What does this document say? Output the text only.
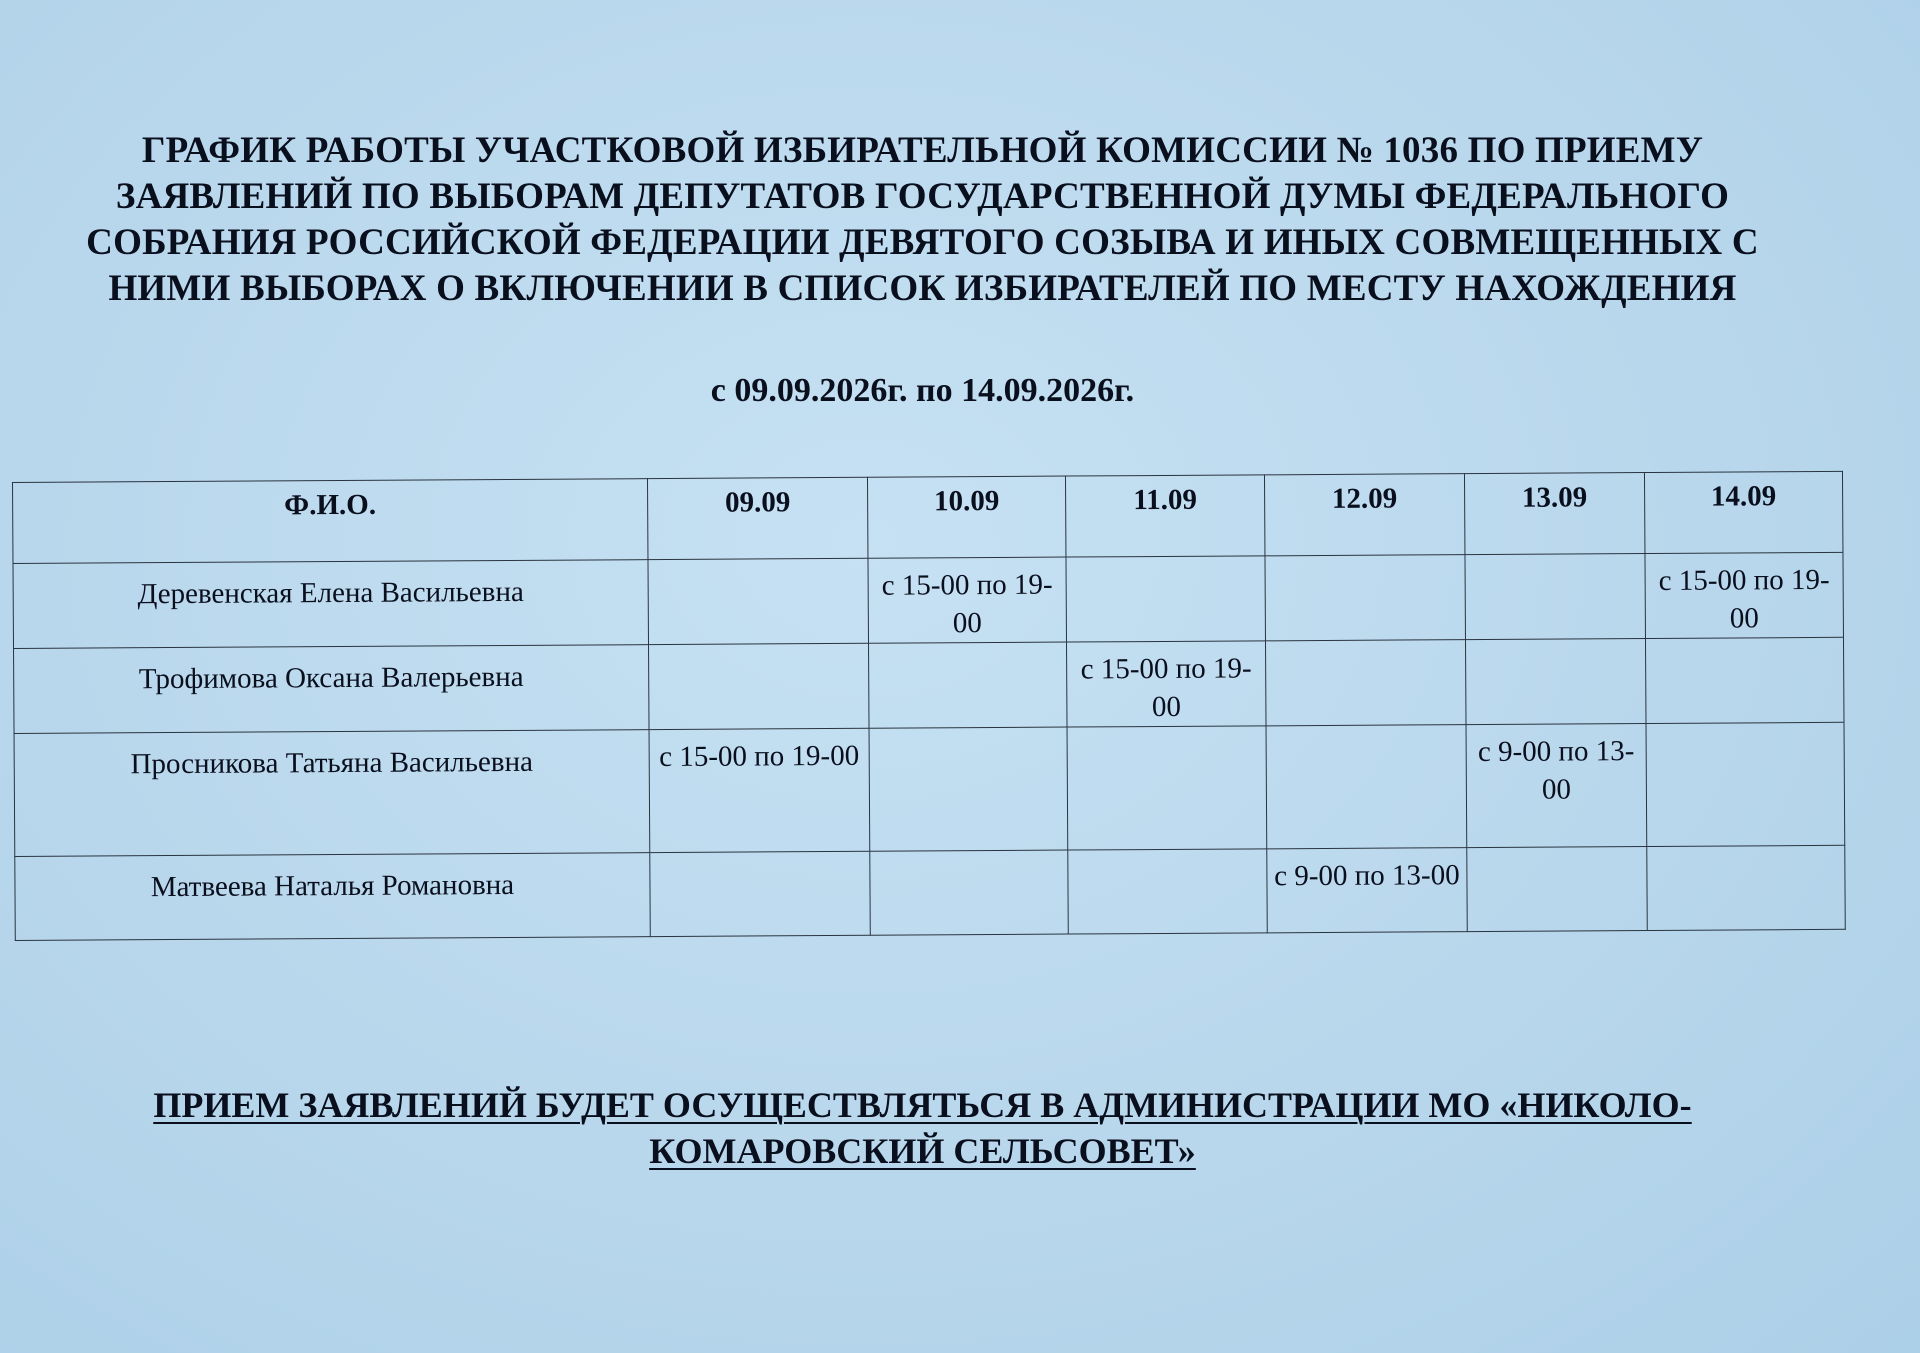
ГРАФИК РАБОТЫ УЧАСТКОВОЙ ИЗБИРАТЕЛЬНОЙ КОМИССИИ № 1036 ПО ПРИЕМУ
ЗАЯВЛЕНИЙ ПО ВЫБОРАМ ДЕПУТАТОВ ГОСУДАРСТВЕННОЙ ДУМЫ ФЕДЕРАЛЬНОГО
СОБРАНИЯ РОССИЙСКОЙ ФЕДЕРАЦИИ ДЕВЯТОГО СОЗЫВА И ИНЫХ СОВМЕЩЕННЫХ С
НИМИ ВЫБОРАХ О ВКЛЮЧЕНИИ В СПИСОК ИЗБИРАТЕЛЕЙ ПО МЕСТУ НАХОЖДЕНИЯ

с 09.09.2026г. по 14.09.2026г.

Ф.И.О.	09.09	10.09	11.09	12.09	13.09	14.09
Деревенская Елена Васильевна		с 15-00 по 19-00				с 15-00 по 19-00
Трофимова Оксана Валерьевна			с 15-00 по 19-00			
Просникова Татьяна Васильевна	с 15-00 по 19-00				с 9-00 по 13-00	
Матвеева Наталья Романовна				с 9-00 по 13-00		

ПРИЕМ ЗАЯВЛЕНИЙ БУДЕТ ОСУЩЕСТВЛЯТЬСЯ В АДМИНИСТРАЦИИ МО «НИКОЛО-
КОМАРОВСКИЙ СЕЛЬСОВЕТ»
